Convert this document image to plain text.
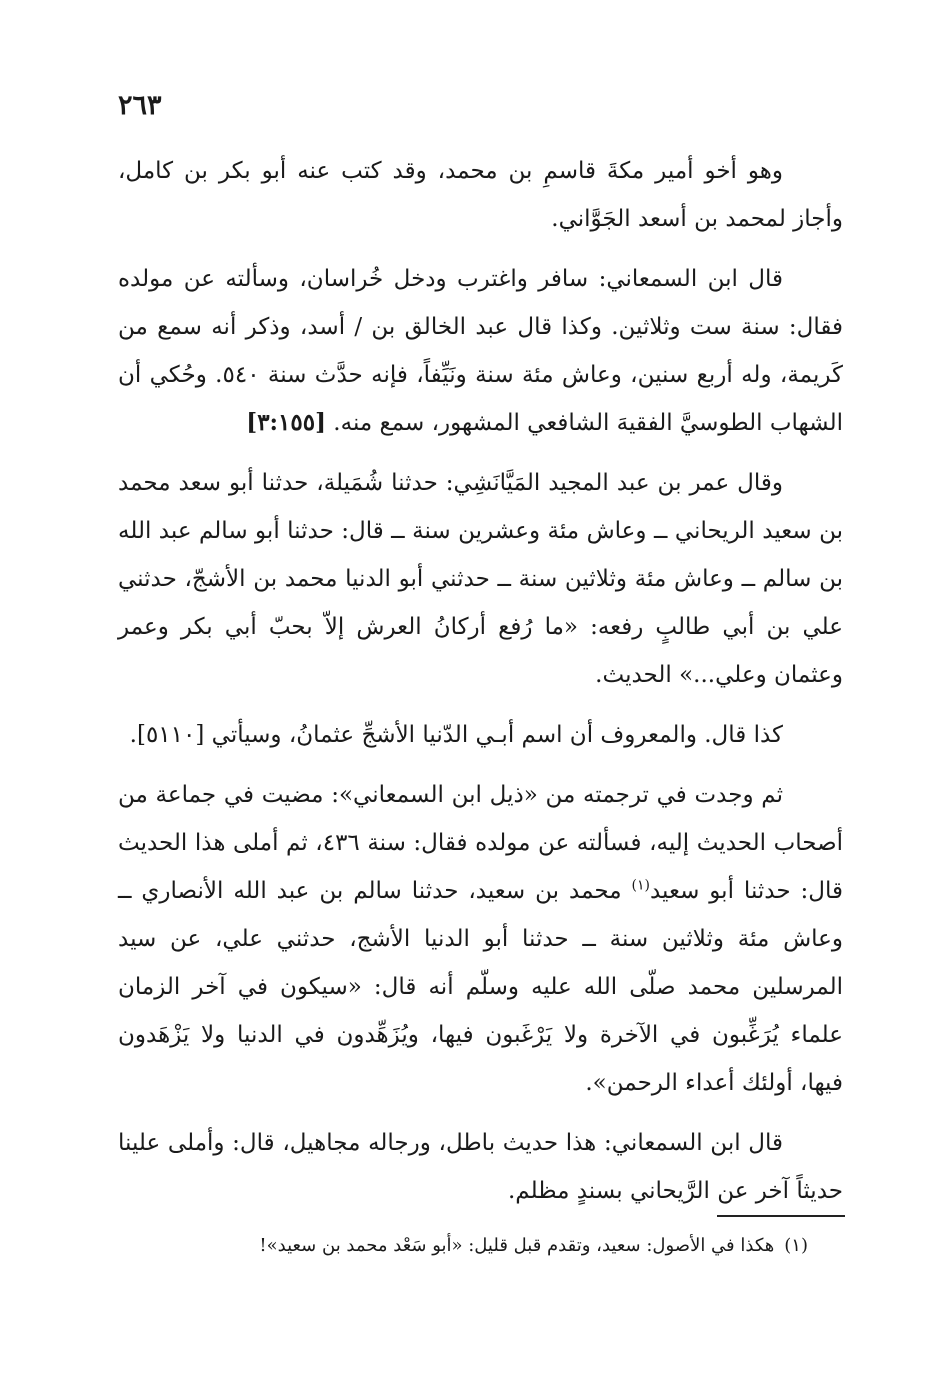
٢٦٣

وهو أخو أمير مكةَ قاسمِ بن محمد، وقد كتب عنه أبو بكر بن كامل، وأجاز لمحمد بن أسعد الجَوَّاني.

قال ابن السمعاني: سافر واغترب ودخل خُراسان، وسألته عن مولده فقال: سنة ست وثلاثين. وكذا قال عبد الخالق بن / أسد، وذكر أنه سمع من كَريمة، وله أربع سنين، وعاش مئة سنة ونَيِّفاً، فإنه حدَّث سنة ٥٤٠. وحُكي أن الشهاب الطوسيَّ الفقيهَ الشافعي المشهور، سمع منه. [٣:١٥٥]

وقال عمر بن عبد المجيد المَيَّانَشِي: حدثنا شُمَيلة، حدثنا أبو سعد محمد بن سعيد الريحاني ــ وعاش مئة وعشرين سنة ــ قال: حدثنا أبو سالم عبد الله بن سالم ــ وعاش مئة وثلاثين سنة ــ حدثني أبو الدنيا محمد بن الأشجّ، حدثني علي بن أبي طالبٍ رفعه: «ما رُفع أركانُ العرش إلاّ بحبّ أبي بكر وعمر وعثمان وعلي...» الحديث.

كذا قال. والمعروف أن اسم أبـي الدّنيا الأشجِّ عثمانُ، وسيأتي [٥١١٠].

ثم وجدت في ترجمته من «ذيل ابن السمعاني»: مضيت في جماعة من أصحاب الحديث إليه، فسألته عن مولده فقال: سنة ٤٣٦، ثم أملى هذا الحديث قال: حدثنا أبو سعيد$^{(١)}$ محمد بن سعيد، حدثنا سالم بن عبد الله الأنصاري ــ وعاش مئة وثلاثين سنة ــ حدثنا أبو الدنيا الأشج، حدثني علي، عن سيد المرسلين محمد صلّى الله عليه وسلّم أنه قال: «سيكون في آخر الزمان علماء يُرَغِّبون في الآخرة ولا يَرْغَبون فيها، ويُزَهِّدون في الدنيا ولا يَزْهَدون فيها، أولئك أعداء الرحمن».

قال ابن السمعاني: هذا حديث باطل، ورجاله مجاهيل، قال: وأملى علينا حديثاً آخر عن الرَّيحاني بسندٍ مظلم.

(١)هكذا في الأصول: سعيد، وتقدم قبل قليل: «أبو سَعْد محمد بن سعيد»!
